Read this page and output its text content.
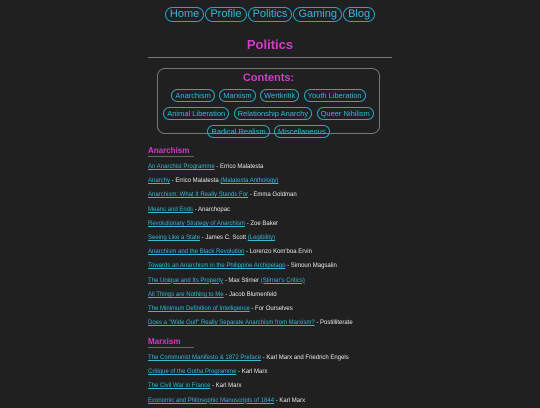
Home Profile Politics Gaming Blog
Politics
Contents:
Anarchism Marxism Wertkritik Youth Liberation
Animal Liberation Relationship Anarchy Queer Nihilism
Radical Realism Miscellaneous
Anarchism
An Anarchist Programme - Errico Malatesta
Anarchy - Errico Malatesta (Malatesta Anthology)
Anarchism: What It Really Stands For - Emma Goldman
Means and Ends - Anarchopac
Revolutionary Strategy of Anarchism - Zoe Baker
Seeing Like a State - James C. Scott (Legibility)
Anarchism and the Black Revolution - Lorenzo Kom'boa Ervin
Towards an Anarchism in the Philippine Archipelago - Simoun Magsalin
The Unique and Its Property - Max Stirner (Stirner's Critics)
All Things are Nothing to Me - Jacob Blumenfeld
The Minimum Definition of Intelligence - For Ourselves
Does a "Wide Gulf" Really Separate Anarchism from Marxism? - Postilliterate
Marxism
The Communist Manifesto & 1872 Preface - Karl Marx and Friedrich Engels
Critique of the Gotha Programme - Karl Marx
The Civil War in France - Karl Marx
Economic and Philosophic Manuscripts of 1844 - Karl Marx
